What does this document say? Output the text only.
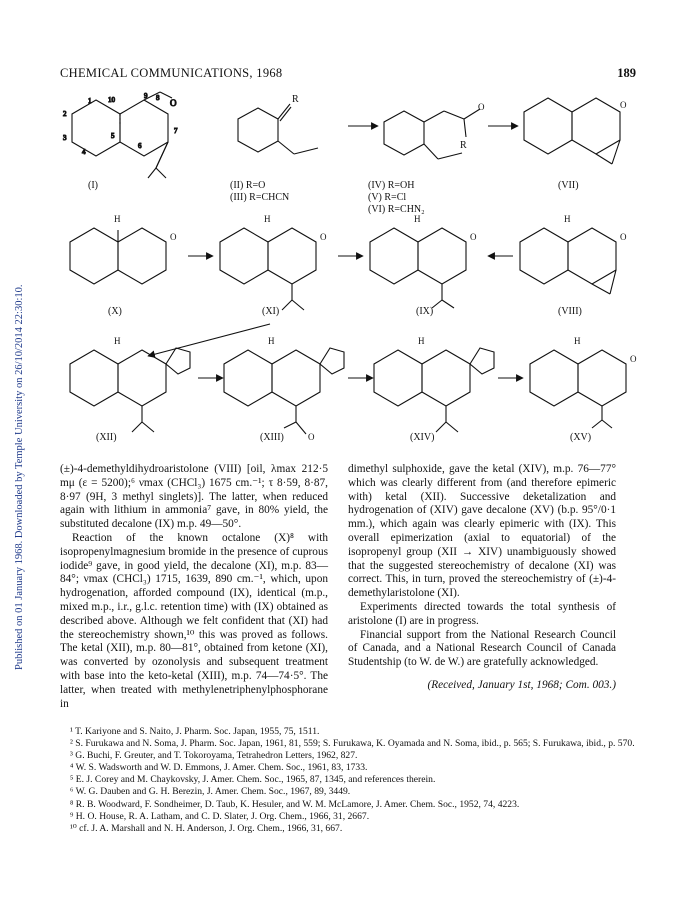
Published on 01 January 1968. Downloaded by Temple University on 26/10/2014 22:30:10.
CHEMICAL COMMUNICATIONS, 1968	189
1
2
3
4
5
6
7
8
9
10	O
(I)
R
(II) R=O
(III) R=CHCN
O
R
(IV) R=OH
(V) R=Cl
(VI) R=CHN₂
O
(VII)
H
O
(X)
H
O
(XI)
H
O
(IX)
H
O
(VIII)
H
(XII)
H
O
(XIII)
H
(XIV)
H
O
(XV)

(±)-4-demethyldihydroaristolone (VIII) [oil, λmax 212·5 mμ (ε = 5200);⁶ νmax (CHCl₃) 1675 cm.⁻¹; τ 8·59, 8·87, 8·97 (9H, 3 methyl singlets)]. The latter, when reduced again with lithium in ammonia⁷ gave, in 80% yield, the substituted decalone (IX) m.p. 49—50°.

Reaction of the known octalone (X)⁸ with isopropenylmagnesium bromide in the presence of cuprous iodide⁹ gave, in good yield, the decalone (XI), m.p. 83—84°; νmax (CHCl₃) 1715, 1639, 890 cm.⁻¹, which, upon hydrogenation, afforded compound (IX), identical (m.p., mixed m.p., i.r., g.l.c. retention time) with (IX) obtained as described above. Although we felt confident that (XI) had the stereochemistry shown,¹⁰ this was proved as follows. The ketal (XII), m.p. 80—81°, obtained from ketone (XI), was converted by ozonolysis and subsequent treatment with base into the keto-ketal (XIII), m.p. 74—74·5°. The latter, when treated with methylenetriphenylphosphorane in

dimethyl sulphoxide, gave the ketal (XIV), m.p. 76—77° which was clearly different from (and therefore epimeric with) ketal (XII). Successive deketalization and hydrogenation of (XIV) gave decalone (XV) (b.p. 95°/0·1 mm.), which again was clearly epimeric with (IX). This overall epimerization (axial to equatorial) of the isopropenyl group (XII → XIV) unambiguously showed that the suggested stereochemistry of decalone (XI) was correct. This, in turn, proved the stereochemistry of (±)-4-demethylaristolone (XI).

Experiments directed towards the total synthesis of aristolone (I) are in progress.

Financial support from the National Research Council of Canada, and a National Research Council of Canada Studentship (to W. de W.) are gratefully acknowledged.

(Received, January 1st, 1968; Com. 003.)

¹ T. Kariyone and S. Naito, J. Pharm. Soc. Japan, 1955, 75, 1511.

² S. Furukawa and N. Soma, J. Pharm. Soc. Japan, 1961, 81, 559; S. Furukawa, K. Oyamada and N. Soma, ibid., p. 565; S. Furukawa, ibid., p. 570.

³ G. Buchi, F. Greuter, and T. Tokoroyama, Tetrahedron Letters, 1962, 827.

⁴ W. S. Wadsworth and W. D. Emmons, J. Amer. Chem. Soc., 1961, 83, 1733.

⁵ E. J. Corey and M. Chaykovsky, J. Amer. Chem. Soc., 1965, 87, 1345, and references therein.

⁶ W. G. Dauben and G. H. Berezin, J. Amer. Chem. Soc., 1967, 89, 3449.

⁸ R. B. Woodward, F. Sondheimer, D. Taub, K. Hesuler, and W. M. McLamore, J. Amer. Chem. Soc., 1952, 74, 4223.

⁹ H. O. House, R. A. Latham, and C. D. Slater, J. Org. Chem., 1966, 31, 2667.

¹⁰ cf. J. A. Marshall and N. H. Anderson, J. Org. Chem., 1966, 31, 667.
